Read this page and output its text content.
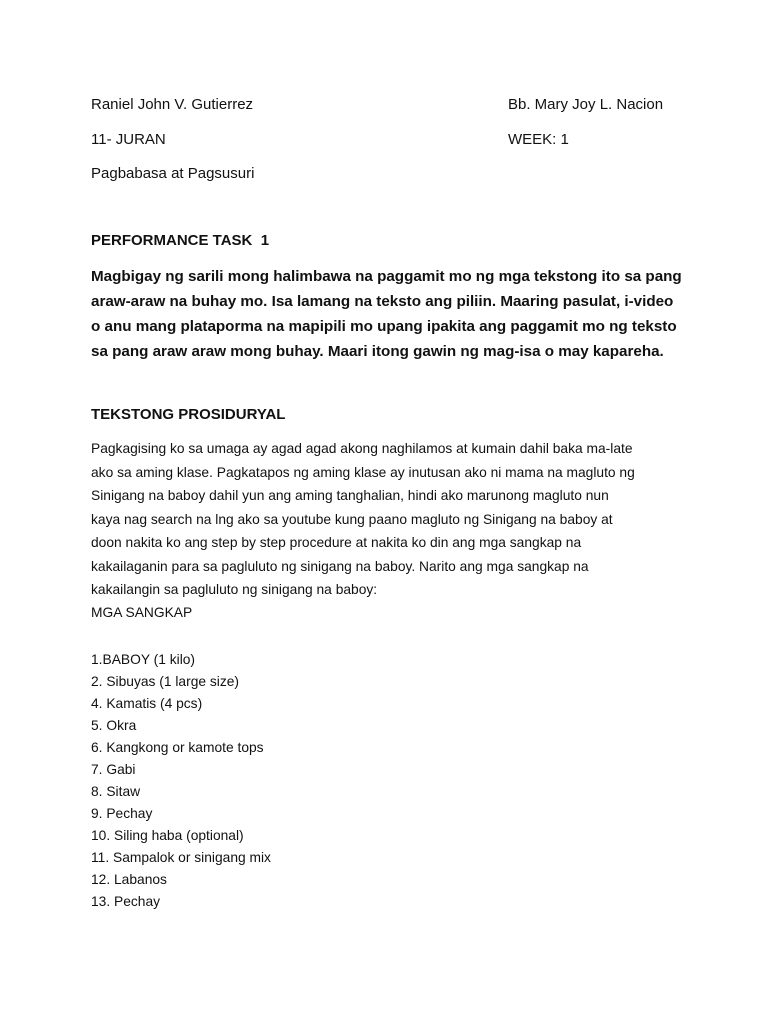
Raniel John V. Gutierrez	Bb. Mary Joy L. Nacion
11- JURAN	WEEK: 1
Pagbabasa at Pagsusuri
PERFORMANCE TASK  1
Magbigay ng sarili mong halimbawa na paggamit mo ng mga tekstong ito sa pang
araw-araw na buhay mo. Isa lamang na teksto ang piliin. Maaring pasulat, i-video
o anu mang plataporma na mapipili mo upang ipakita ang paggamit mo ng teksto
sa pang araw araw mong buhay. Maari itong gawin ng mag-isa o may kapareha.
TEKSTONG PROSIDURYAL
Pagkagising ko sa umaga ay agad agad akong naghilamos at kumain dahil baka ma-late
ako sa aming klase. Pagkatapos ng aming klase ay inutusan ako ni mama na magluto ng
Sinigang na baboy dahil yun ang aming tanghalian, hindi ako marunong magluto nun
kaya nag search na lng ako sa youtube kung paano magluto ng Sinigang na baboy at
doon nakita ko ang step by step procedure at nakita ko din ang mga sangkap na
kakailaganin para sa pagluluto ng sinigang na baboy. Narito ang mga sangkap na
kakailangin sa pagluluto ng sinigang na baboy:
MGA SANGKAP
1.BABOY (1 kilo)
2. Sibuyas (1 large size)
4. Kamatis (4 pcs)
5. Okra
6. Kangkong or kamote tops
7. Gabi
8. Sitaw
9. Pechay
10. Siling haba (optional)
11. Sampalok or sinigang mix
12. Labanos
13. Pechay
